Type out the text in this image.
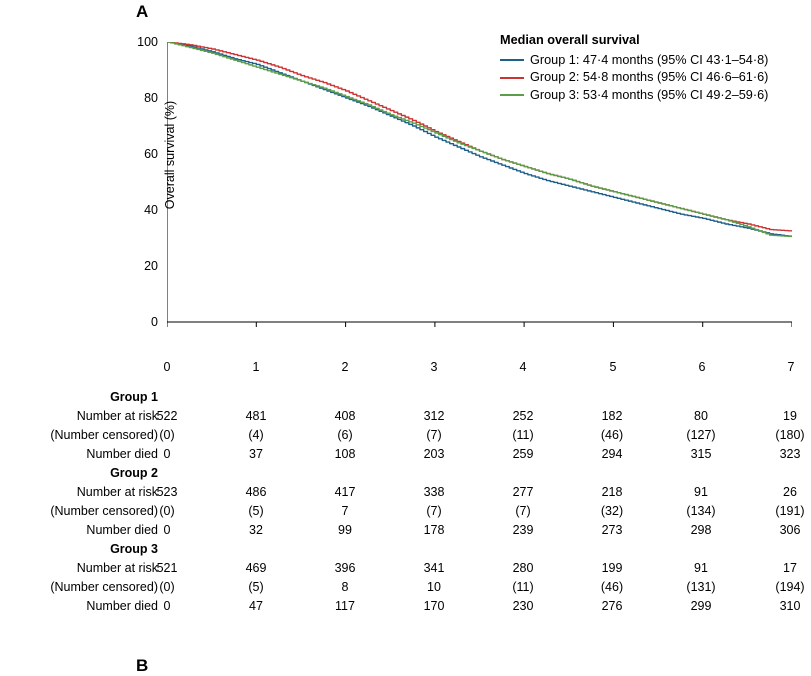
A
B
Overall survival (%)
100
80
60
40
20
0
0	1	2	3	4	5	6	7
Median overall survival
Group 1: 47·4 months (95% CI 43·1–54·8)
Group 2: 54·8 months (95% CI 46·6–61·6)
Group 3: 53·4 months (95% CI 49·2–59·6)
Group 1
Number at risk
522	481	408	312	252	182	80	19
(Number censored) (0)	(4)	(6)	(7)	(11)	(46)	(127)	(180)
Number died 0	37	108	203	259	294	315	323
Group 2
Number at risk
523	486	417	338	277	218	91	26
(Number censored) (0)	(5)	7	(7)	(7)	(32)	(134)	(191)
Number died 0	32	99	178	239	273	298	306
Group 3
Number at risk
521	469	396	341	280	199	91	17
(Number censored) (0)	(5)	8	10	(11)	(46)	(131)	(194)
Number died 0	47	117	170	230	276	299	310
